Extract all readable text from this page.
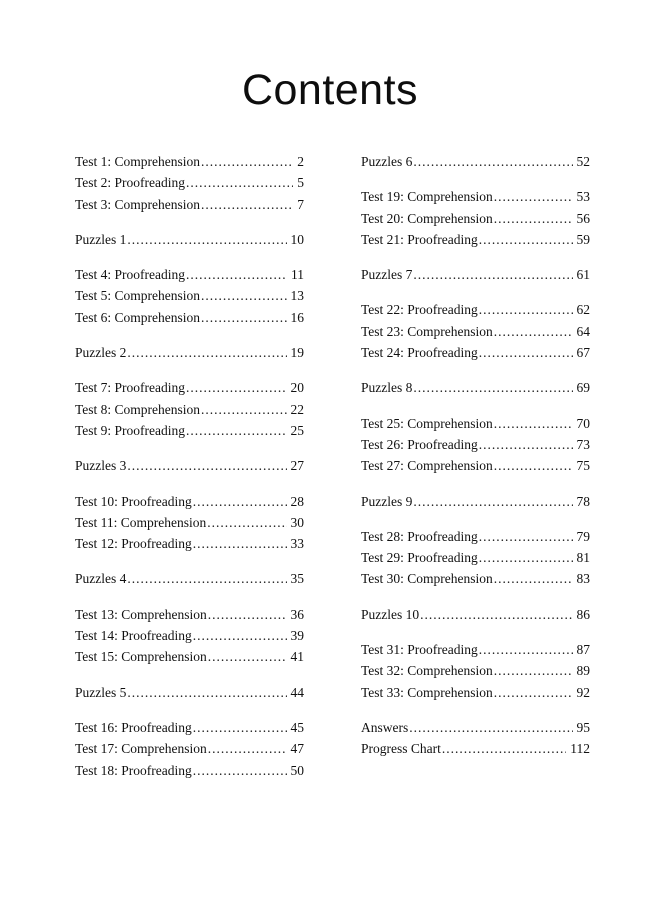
Contents
Test 1: Comprehension .....	2
Test 2: Proofreading .....	5
Test 3: Comprehension .....	7
Puzzles 1 .....	10
Test 4: Proofreading .....	11
Test 5: Comprehension .....	13
Test 6: Comprehension .....	16
Puzzles 2 .....	19
Test 7: Proofreading .....	20
Test 8: Comprehension .....	22
Test 9: Proofreading .....	25
Puzzles 3 .....	27
Test 10: Proofreading .....	28
Test 11: Comprehension .....	30
Test 12: Proofreading .....	33
Puzzles 4 .....	35
Test 13: Comprehension .....	36
Test 14: Proofreading .....	39
Test 15: Comprehension .....	41
Puzzles 5 .....	44
Test 16: Proofreading .....	45
Test 17: Comprehension .....	47
Test 18: Proofreading .....	50
Puzzles 6 .....	52
Test 19: Comprehension .....	53
Test 20: Comprehension .....	56
Test 21: Proofreading .....	59
Puzzles 7 .....	61
Test 22: Proofreading .....	62
Test 23: Comprehension .....	64
Test 24: Proofreading .....	67
Puzzles 8 .....	69
Test 25: Comprehension .....	70
Test 26: Proofreading .....	73
Test 27: Comprehension .....	75
Puzzles 9 .....	78
Test 28: Proofreading .....	79
Test 29: Proofreading .....	81
Test 30: Comprehension .....	83
Puzzles 10 .....	86
Test 31: Proofreading .....	87
Test 32: Comprehension .....	89
Test 33: Comprehension .....	92
Answers .....	95
Progress Chart .....	112
